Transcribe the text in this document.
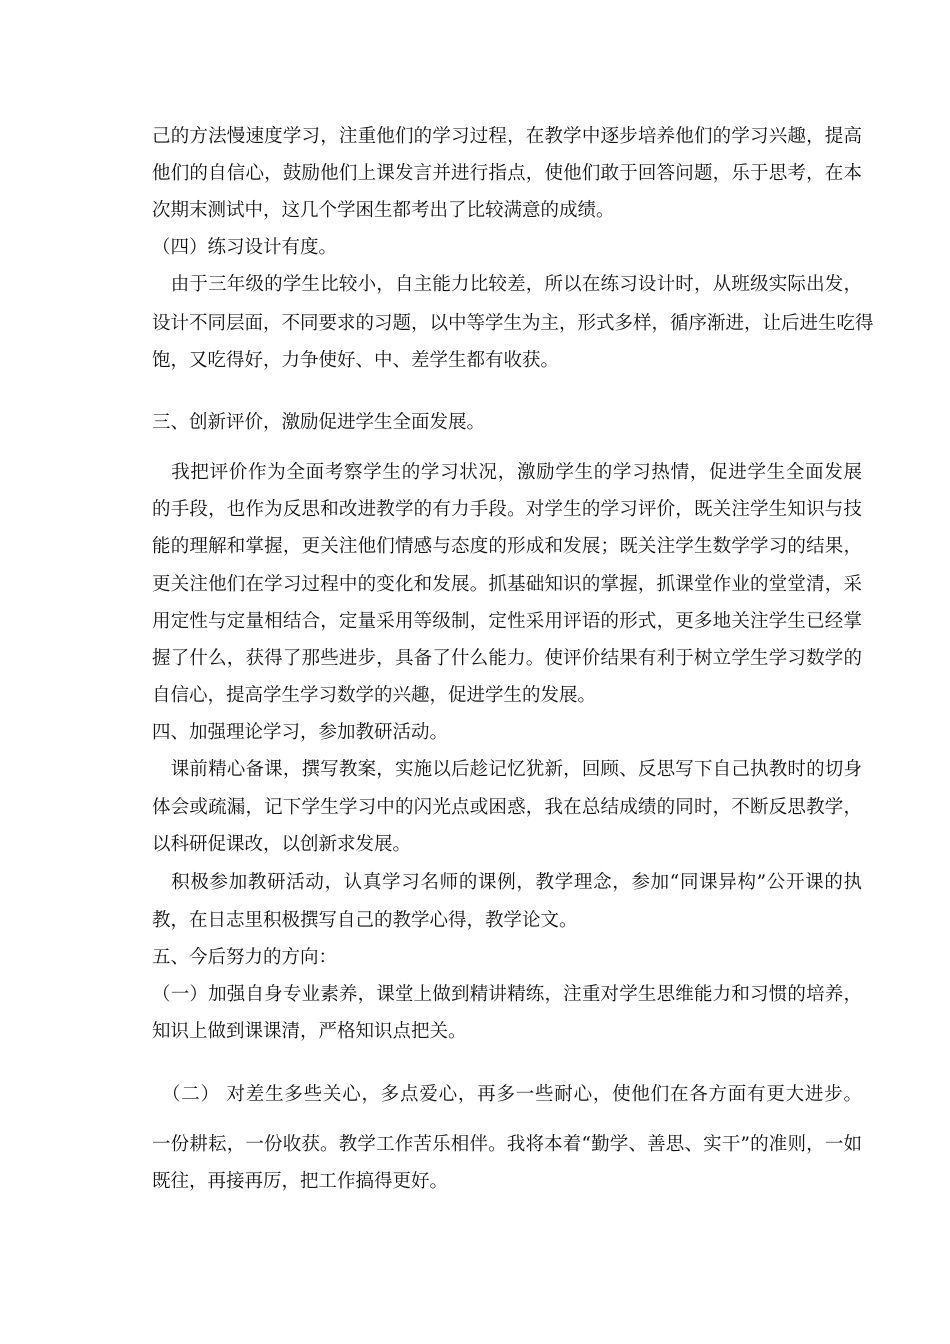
己的方法慢速度学习，注重他们的学习过程，在教学中逐步培养他们的学习兴趣，提高
他们的自信心，鼓励他们上课发言并进行指点，使他们敢于回答问题，乐于思考，在本
次期末测试中，这几个学困生都考出了比较满意的成绩。
（四）练习设计有度。
　由于三年级的学生比较小，自主能力比较差，所以在练习设计时，从班级实际出发，
设计不同层面，不同要求的习题，以中等学生为主，形式多样，循序渐进，让后进生吃得
饱，又吃得好，力争使好、中、差学生都有收获。
三、创新评价，激励促进学生全面发展。
　我把评价作为全面考察学生的学习状况，激励学生的学习热情，促进学生全面发展
的手段，也作为反思和改进教学的有力手段。对学生的学习评价，既关注学生知识与技
能的理解和掌握，更关注他们情感与态度的形成和发展；既关注学生数学学习的结果，
更关注他们在学习过程中的变化和发展。抓基础知识的掌握，抓课堂作业的堂堂清，采
用定性与定量相结合，定量采用等级制，定性采用评语的形式，更多地关注学生已经掌
握了什么，获得了那些进步，具备了什么能力。使评价结果有利于树立学生学习数学的
自信心，提高学生学习数学的兴趣，促进学生的发展。
四、加强理论学习，参加教研活动。
　课前精心备课，撰写教案，实施以后趁记忆犹新，回顾、反思写下自己执教时的切身
体会或疏漏，记下学生学习中的闪光点或困惑，我在总结成绩的同时，不断反思教学，
以科研促课改，以创新求发展。
　积极参加教研活动，认真学习名师的课例，教学理念，参加“同课异构”公开课的执
教，在日志里积极撰写自己的教学心得，教学论文。
五、今后努力的方向：
（一）加强自身专业素养，课堂上做到精讲精练，注重对学生思维能力和习惯的培养，
知识上做到课课清，严格知识点把关。
　（二） 对差生多些关心，多点爱心，再多一些耐心，使他们在各方面有更大进步。
一份耕耘，一份收获。教学工作苦乐相伴。我将本着“勤学、善思、实干”的准则，一如
既往，再接再厉，把工作搞得更好。
